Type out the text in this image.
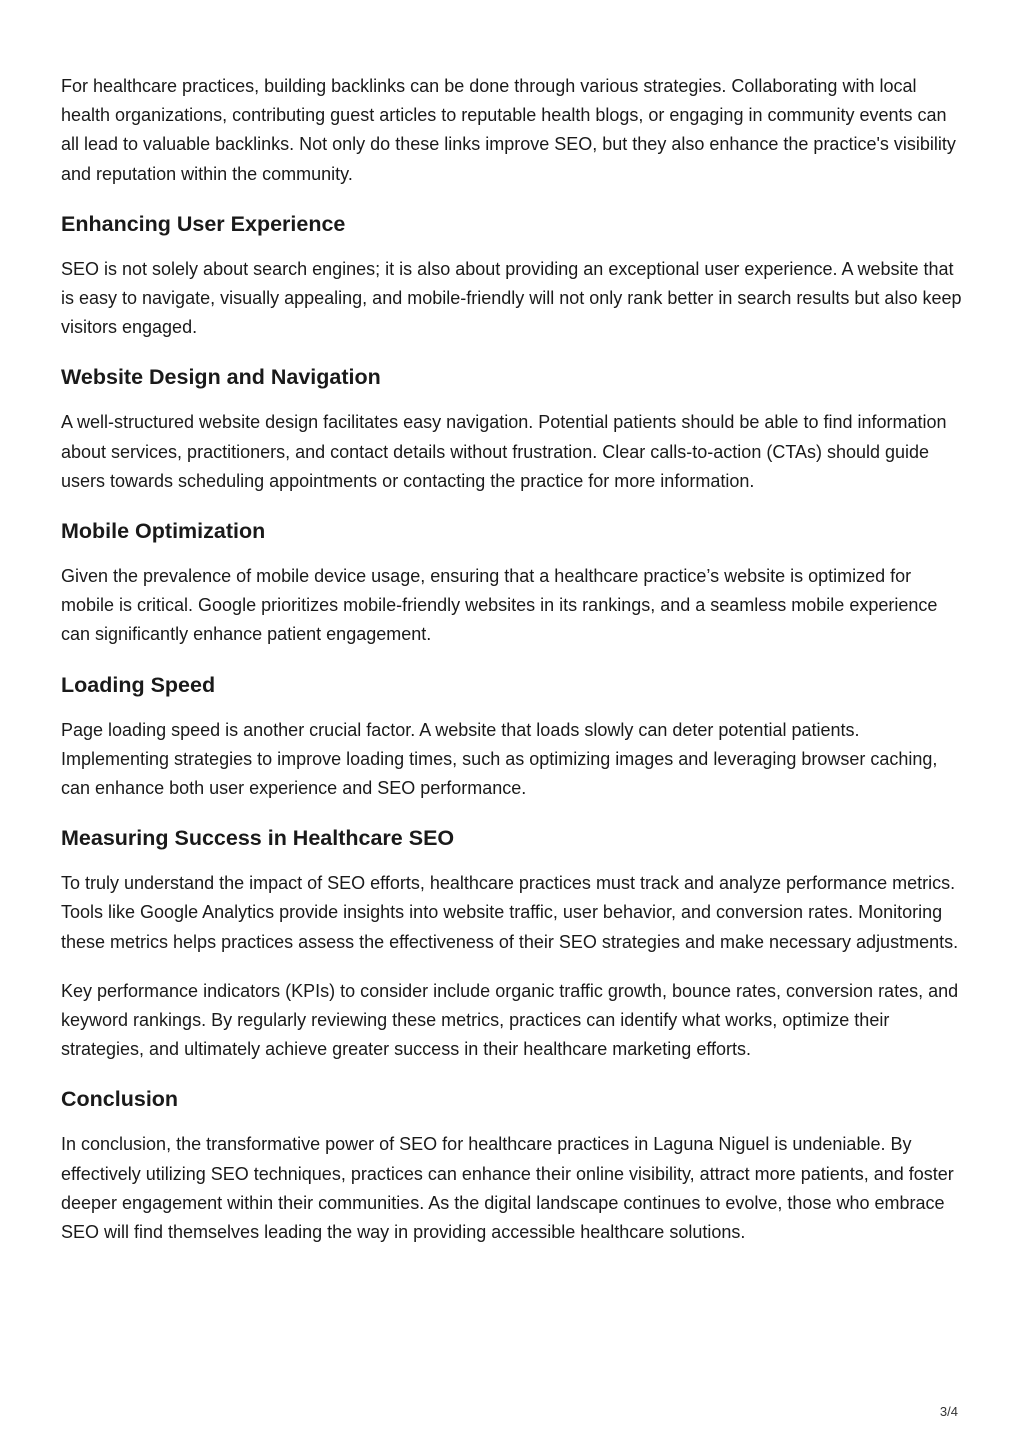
For healthcare practices, building backlinks can be done through various strategies. Collaborating with local health organizations, contributing guest articles to reputable health blogs, or engaging in community events can all lead to valuable backlinks. Not only do these links improve SEO, but they also enhance the practice's visibility and reputation within the community.

Enhancing User Experience

SEO is not solely about search engines; it is also about providing an exceptional user experience. A website that is easy to navigate, visually appealing, and mobile-friendly will not only rank better in search results but also keep visitors engaged.

Website Design and Navigation

A well-structured website design facilitates easy navigation. Potential patients should be able to find information about services, practitioners, and contact details without frustration. Clear calls-to-action (CTAs) should guide users towards scheduling appointments or contacting the practice for more information.

Mobile Optimization

Given the prevalence of mobile device usage, ensuring that a healthcare practice’s website is optimized for mobile is critical. Google prioritizes mobile-friendly websites in its rankings, and a seamless mobile experience can significantly enhance patient engagement.

Loading Speed

Page loading speed is another crucial factor. A website that loads slowly can deter potential patients. Implementing strategies to improve loading times, such as optimizing images and leveraging browser caching, can enhance both user experience and SEO performance.

Measuring Success in Healthcare SEO

To truly understand the impact of SEO efforts, healthcare practices must track and analyze performance metrics. Tools like Google Analytics provide insights into website traffic, user behavior, and conversion rates. Monitoring these metrics helps practices assess the effectiveness of their SEO strategies and make necessary adjustments.

Key performance indicators (KPIs) to consider include organic traffic growth, bounce rates, conversion rates, and keyword rankings. By regularly reviewing these metrics, practices can identify what works, optimize their strategies, and ultimately achieve greater success in their healthcare marketing efforts.

Conclusion

In conclusion, the transformative power of SEO for healthcare practices in Laguna Niguel is undeniable. By effectively utilizing SEO techniques, practices can enhance their online visibility, attract more patients, and foster deeper engagement within their communities. As the digital landscape continues to evolve, those who embrace SEO will find themselves leading the way in providing accessible healthcare solutions.

3/4
